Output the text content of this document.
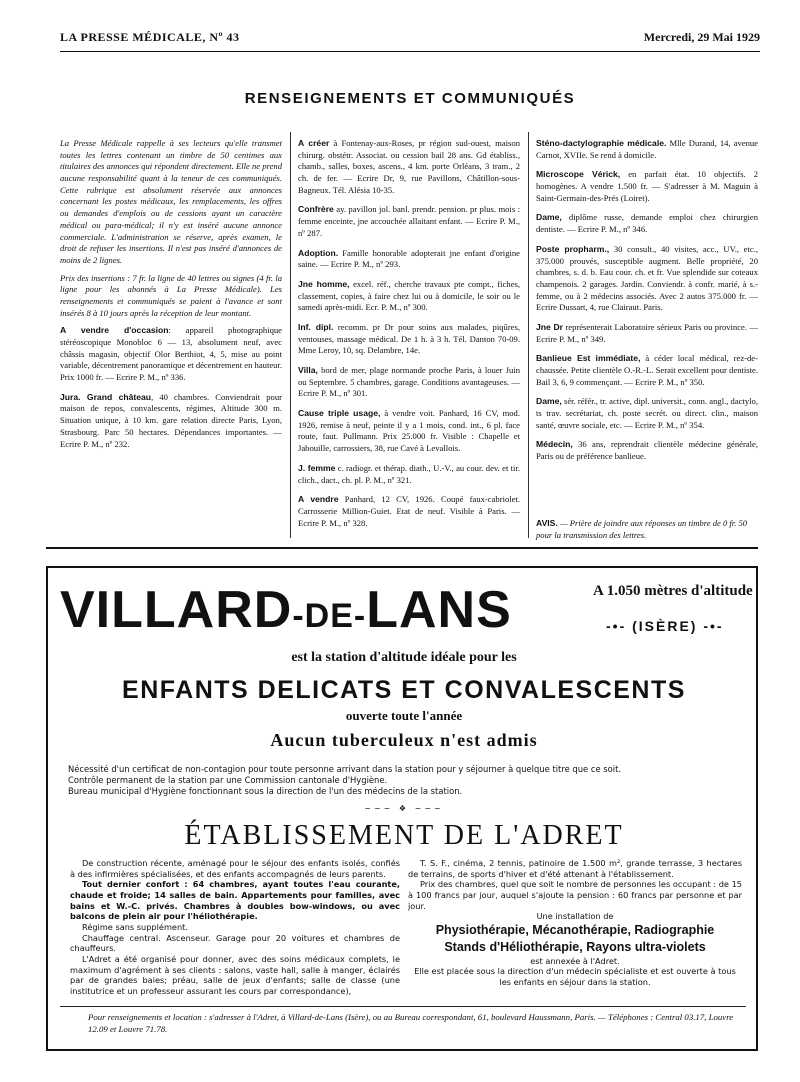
LA PRESSE MÉDICALE, Nº 43	Mercredi, 29 Mai 1929
RENSEIGNEMENTS ET COMMUNIQUÉS

La Presse Médicale rappelle à ses lecteurs qu'elle transmet toutes les lettres contenant un timbre de 50 centimes aux titulaires des annonces qui répondent directement. Elle ne prend aucune responsabilité quant à la teneur de ces communiqués. Cette rubrique est absolument réservée aux annonces concernant les postes médicaux, les remplacements, les offres ou demandes d'emplois ou de cessions ayant un caractère médical ou para-médical; il n'y est inséré aucune annonce commerciale. L'administration se réserve, après examen, le droit de refuser les insertions. Il n'est pas inséré d'annonces de moins de 2 lignes.

Prix des insertions : 7 fr. la ligne de 40 lettres ou signes (4 fr. la ligne pour les abonnés à La Presse Médicale). Les renseignements et communiqués se paient à l'avance et sont insérés 8 à 10 jours après la réception de leur montant.

A vendre d'occasion: appareil photographique stéréoscopique Monobloc 6 — 13, absolument neuf, avec châssis magasin, objectif Olor Berthiot, 4, 5, mise au point variable, décentrement panoramique et décentrement en hauteur. Prix 1000 fr. — Ecrire P. M., nº 336.

Jura. Grand château, 40 chambres. Conviendrait pour maison de repos, convalescents, régimes, Altitude 300 m. Situation unique, à 10 km. gare relation directe Paris, Lyon, Strasbourg. Parc 50 hectares. Dépendances importantes. — Ecrire P. M., nº 232.

A créer à Fontenay-aux-Roses, pr région sud-ouest, maison chirurg. obstétr. Associat. ou cession bail 28 ans. Gd établiss., chamb., salles, boxes, ascens., 4 km. porte Orléans, 3 tram., 2 ch. de fer. — Ecrire Dr, 9, rue Pavillons, Châtillon-sous-Bagneux. Tél. Alésia 10-35.

Confrère ay. pavillon jol. banl. prendr. pension. pr plus. mois : femme enceinte, jne accouchée allaitant enfant. — Ecrire P. M., nº 287.

Adoption. Famille honorable adopterait jne enfant d'origine saine. — Ecrire P. M., nº 293.

Jne homme, excel. réf., cherche travaux pte compt., fiches, classement, copies, à faire chez lui ou à domicile, le soir ou le samedi après-midi. Ecr. P. M., nº 300.

Inf. dipl. recomm. pr Dr pour soins aux malades, piqûres, ventouses, massage médical. De 1 h. à 3 h. Tél. Danton 70-09. Mme Leroy, 10, sq. Delambre, 14e.

Villa, bord de mer, plage normande proche Paris, à louer Juin ou Septembre. 5 chambres, garage. Conditions avantageuses. — Ecrire P. M., nº 301.

Cause triple usage, à vendre voit. Panhard, 16 CV, mod. 1926, remise à neuf, peinte il y a 1 mois, cond. int., 6 pl. face route, faut. Pullmann. Prix 25.000 fr. Visible : Chapelle et Jabouille, carrossiers, 38, rue Cavé à Levallois.

J. femme c. radiogr. et thérap. diath., U.-V., au cour. dev. et tir. clich., dact., ch. pl. P. M., nº 321.

A vendre Panhard, 12 CV, 1926. Coupé faux-cabriolet. Carrosserie Million-Guiet. Etat de neuf. Visible à Paris. — Ecrire P. M., nº 328.

Sténo-dactylographie médicale. Mlle Durand, 14, avenue Carnot, XVIIe. Se rend à domicile.

Microscope Vérick, en parfait état. 10 objectifs. 2 homogènes. A vendre 1.500 fr. — S'adresser à M. Maguin à Saint-Germain-des-Prés (Loiret).

Dame, diplôme russe, demande emploi chez chirurgien dentiste. — Ecrire P. M., nº 346.

Poste propharm., 30 consult., 40 visites, acc., UV., etc., 375.000 prouvés, susceptible augment. Belle propriété, 20 chambres, s. d. b. Eau cour. ch. et fr. Vue splendide sur coteaux champenois. 2 garages. Jardin. Conviendr. à confr. marié, à s.-femme, ou à 2 médecins associés. Avec 2 autos 375.000 fr. — Ecrire Dussart, 4, rue Clairaut. Paris.

Jne Dr représenterait Laboratoire sérieux Paris ou province. — Ecrire P. M., nº 349.

Banlieue Est immédiate, à céder local médical, rez-de-chaussée. Petite clientèle O.-R.-L. Serait excellent pour dentiste. Bail 3, 6, 9 commençant. — Ecrire P. M., nº 350.

Dame, sér. référ., tr. active, dipl. universit., conn. angl., dactylo, ts trav. secrétariat, ch. poste secrét. ou direct. clin., maison santé, œuvre sociale, etc. — Ecrire P. M., nº 354.

Médecin, 36 ans, reprendrait clientèle médecine générale, Paris ou de préférence banlieue.

AVIS. — Prière de joindre aux réponses un timbre de 0 fr. 50 pour la transmission des lettres.
VILLARD-DE-LANS	A 1.050 mètres d'altitude
-•- (ISÈRE) -•-
est la station d'altitude idéale pour les
ENFANTS DELICATS ET CONVALESCENTS
ouverte toute l'année
Aucun tuberculeux n'est admis
Nécessité d'un certificat de non-contagion pour toute personne arrivant dans la station pour y séjourner à quelque titre que ce soit.
Contrôle permanent de la station par une Commission cantonale d'Hygiène.
Bureau municipal d'Hygiène fonctionnant sous la direction de l'un des médecins de la station.
~~~ ❖ ~~~
ÉTABLISSEMENT DE L'ADRET

De construction récente, aménagé pour le séjour des enfants isolés, confiés à des infirmières spécialisées, et des enfants accompagnés de leurs parents.

Tout dernier confort : 64 chambres, ayant toutes l'eau courante, chaude et froide; 14 salles de bain. Appartements pour familles, avec bains et W.-C. privés. Chambres à doubles bow-windows, ou avec balcons de plein air pour l'héliothérapie.

Régime sans supplément.

Chauffage central. Ascenseur. Garage pour 20 voitures et chambres de chauffeurs.

L'Adret a été organisé pour donner, avec des soins médicaux complets, le maximum d'agrément à ses clients : salons, vaste hall, salle à manger, éclairés par de grandes baies; préau, salle de jeux d'enfants; salle de classe (une institutrice et un professeur assurant les cours par correspondance),

T. S. F., cinéma, 2 tennis, patinoire de 1.500 m², grande terrasse, 3 hectares de terrains, de sports d'hiver et d'été attenant à l'établissement.

Prix des chambres, quel que soit le nombre de personnes les occupant : de 15 à 100 francs par jour, auquel s'ajoute la pension : 60 francs par personne et par jour.

Une installation de

Physiothérapie, Mécanothérapie, Radiographie

Stands d'Héliothérapie, Rayons ultra-violets

est annexée à l'Adret.

Elle est placée sous la direction d'un médecin spécialiste et est ouverte à tous les enfants en séjour dans la station.

Pour renseignements et location : s'adresser à l'Adret, à Villard-de-Lans (Isère), ou au Bureau correspondant, 61, boulevard Haussmann, Paris. — Téléphones : Central 03.17, Louvre 12.09 et Louvre 71.78.
